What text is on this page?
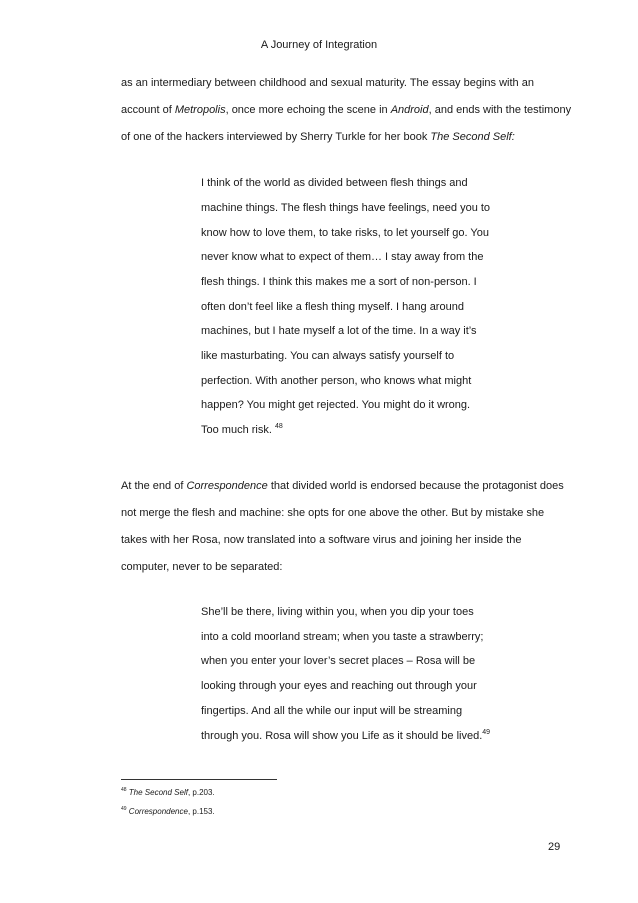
A Journey of Integration
as an intermediary between childhood and sexual maturity. The essay begins with an
account of Metropolis, once more echoing the scene in Android, and ends with the testimony
of one of the hackers interviewed by Sherry Turkle for her book The Second Self:
I think of the world as divided between flesh things and
machine things. The flesh things have feelings, need you to
know how to love them, to take risks, to let yourself go. You
never know what to expect of them… I stay away from the
flesh things. I think this makes me a sort of non-person. I
often don’t feel like a flesh thing myself. I hang around
machines, but I hate myself a lot of the time. In a way it’s
like masturbating. You can always satisfy yourself to
perfection. With another person, who knows what might
happen? You might get rejected. You might do it wrong.
Too much risk. $^{48}$
At the end of Correspondence that divided world is endorsed because the protagonist does
not merge the flesh and machine: she opts for one above the other. But by mistake she
takes with her Rosa, now translated into a software virus and joining her inside the
computer, never to be separated:
She’ll be there, living within you, when you dip your toes
into a cold moorland stream; when you taste a strawberry;
when you enter your lover’s secret places – Rosa will be
looking through your eyes and reaching out through your
fingertips. And all the while our input will be streaming
through you. Rosa will show you Life as it should be lived.$^{49}$
$^{48}$ The Second Self, p.203.
$^{49}$ Correspondence, p.153.
29
